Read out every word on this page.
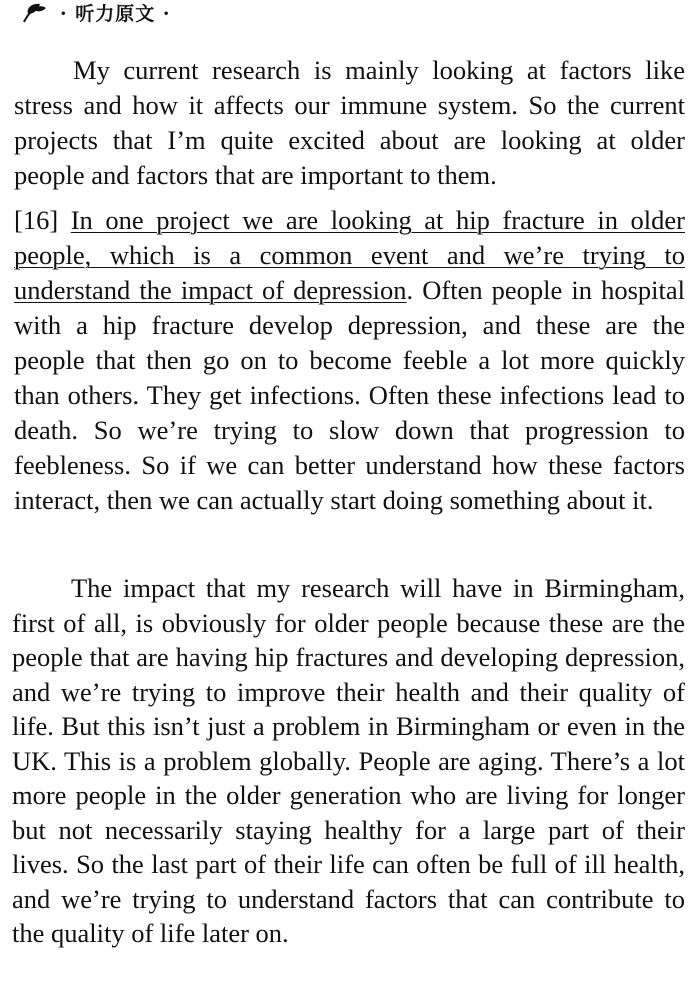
· 听力原文 ·

My current research is mainly looking at factors like stress and how it affects our immune system. So the current projects that I’m quite excited about are looking at older people and factors that are important to them.

[16] In one project we are looking at hip fracture in older people, which is a common event and we’re trying to understand the impact of depression. Often people in hospital with a hip fracture develop depression, and these are the people that then go on to become feeble a lot more quickly than others. They get infections. Often these infections lead to death. So we’re trying to slow down that progression to feebleness. So if we can better understand how these factors interact, then we can actually start doing something about it.

The impact that my research will have in Birmingham, first of all, is obviously for older people because these are the people that are having hip fractures and developing depression, and we’re trying to improve their health and their quality of life. But this isn’t just a problem in Birmingham or even in the UK. This is a problem globally. People are aging. There’s a lot more people in the older generation who are living for longer but not necessarily staying healthy for a large part of their lives. So the last part of their life can often be full of ill health, and we’re trying to understand factors that can contribute to the quality of life later on.
